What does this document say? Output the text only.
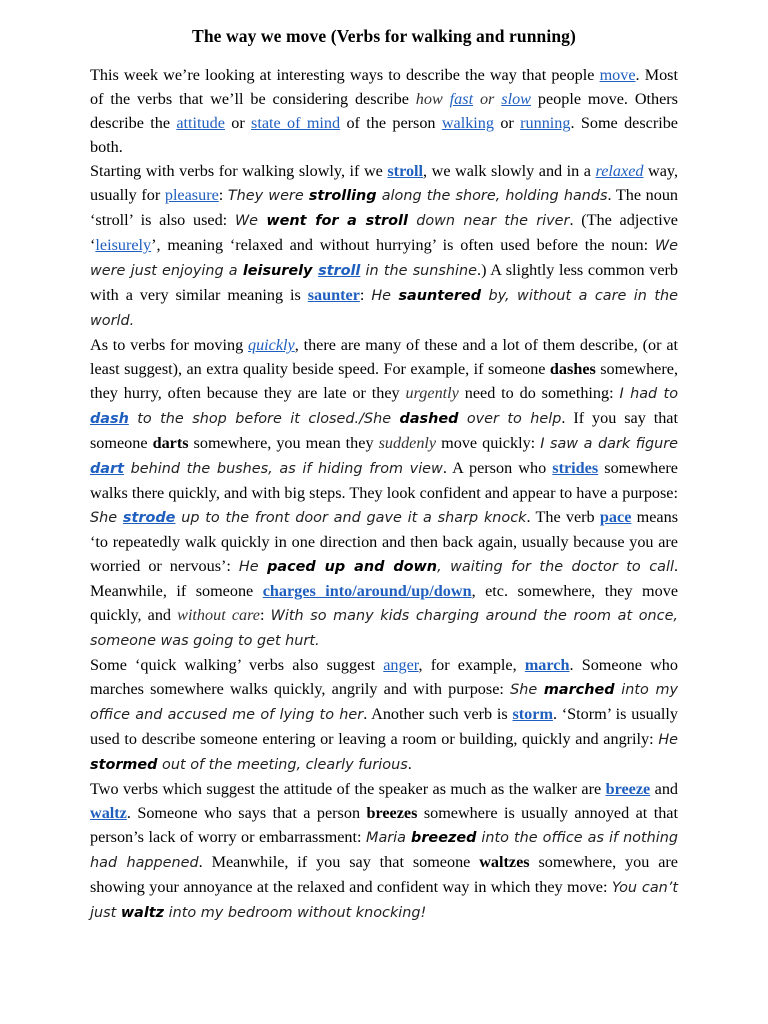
The way we move (Verbs for walking and running)

This week we’re looking at interesting ways to describe the way that people move. Most of the verbs that we’ll be considering describe how fast or slow people move. Others describe the attitude or state of mind of the person walking or running. Some describe both.

Starting with verbs for walking slowly, if we stroll, we walk slowly and in a relaxed way, usually for pleasure: They were strolling along the shore, holding hands. The noun ‘stroll’ is also used: We went for a stroll down near the river. (The adjective ‘leisurely’, meaning ‘relaxed and without hurrying’ is often used before the noun: We were just enjoying a leisurely stroll in the sunshine.) A slightly less common verb with a very similar meaning is saunter: He sauntered by, without a care in the world.

As to verbs for moving quickly, there are many of these and a lot of them describe, (or at least suggest), an extra quality beside speed. For example, if someone dashes somewhere, they hurry, often because they are late or they urgently need to do something: I had to dash to the shop before it closed./She dashed over to help. If you say that someone darts somewhere, you mean they suddenly move quickly: I saw a dark figure dart behind the bushes, as if hiding from view. A person who strides somewhere walks there quickly, and with big steps. They look confident and appear to have a purpose: She strode up to the front door and gave it a sharp knock. The verb pace means ‘to repeatedly walk quickly in one direction and then back again, usually because you are worried or nervous’: He paced up and down, waiting for the doctor to call. Meanwhile, if someone charges into/around/up/down, etc. somewhere, they move quickly, and without care: With so many kids charging around the room at once, someone was going to get hurt.

Some ‘quick walking’ verbs also suggest anger, for example, march. Someone who marches somewhere walks quickly, angrily and with purpose: She marched into my office and accused me of lying to her. Another such verb is storm. ‘Storm’ is usually used to describe someone entering or leaving a room or building, quickly and angrily: He stormed out of the meeting, clearly furious.

Two verbs which suggest the attitude of the speaker as much as the walker are breeze and waltz. Someone who says that a person breezes somewhere is usually annoyed at that person’s lack of worry or embarrassment: Maria breezed into the office as if nothing had happened. Meanwhile, if you say that someone waltzes somewhere, you are showing your annoyance at the relaxed and confident way in which they move: You can’t just waltz into my bedroom without knocking!
